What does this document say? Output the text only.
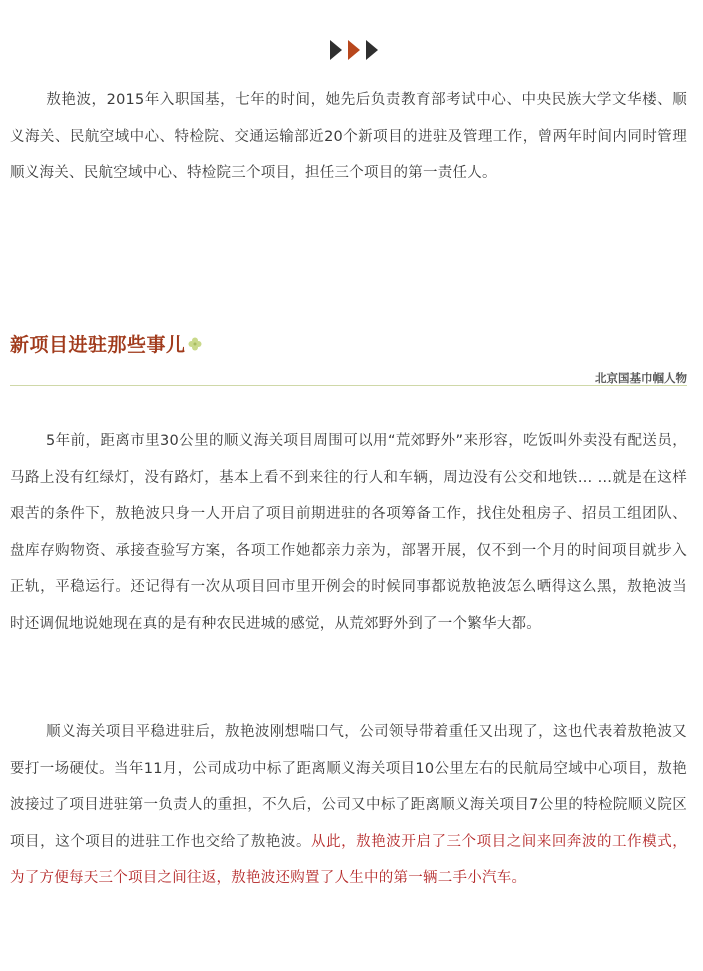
敖艳波，2015年入职国基，七年的时间，她先后负责教育部考试中心、中央民族大学文华楼、顺义海关、民航空域中心、特检院、交通运输部近20个新项目的进驻及管理工作，曾两年时间内同时管理顺义海关、民航空域中心、特检院三个项目，担任三个项目的第一责任人。

新项目进驻那些事儿
北京国基巾帼人物

5年前，距离市里30公里的顺义海关项目周围可以用“荒郊野外”来形容，吃饭叫外卖没有配送员，马路上没有红绿灯，没有路灯，基本上看不到来往的行人和车辆，周边没有公交和地铁… …就是在这样艰苦的条件下，敖艳波只身一人开启了项目前期进驻的各项筹备工作，找住处租房子、招员工组团队、盘库存购物资、承接查验写方案，各项工作她都亲力亲为，部署开展，仅不到一个月的时间项目就步入正轨，平稳运行。还记得有一次从项目回市里开例会的时候同事都说敖艳波怎么晒得这么黑，敖艳波当时还调侃地说她现在真的是有种农民进城的感觉，从荒郊野外到了一个繁华大都。

顺义海关项目平稳进驻后，敖艳波刚想喘口气，公司领导带着重任又出现了，这也代表着敖艳波又要打一场硬仗。当年11月，公司成功中标了距离顺义海关项目10公里左右的民航局空域中心项目，敖艳波接过了项目进驻第一负责人的重担，不久后，公司又中标了距离顺义海关项目7公里的特检院顺义院区项目，这个项目的进驻工作也交给了敖艳波。从此，敖艳波开启了三个项目之间来回奔波的工作模式，为了方便每天三个项目之间往返，敖艳波还购置了人生中的第一辆二手小汽车。
